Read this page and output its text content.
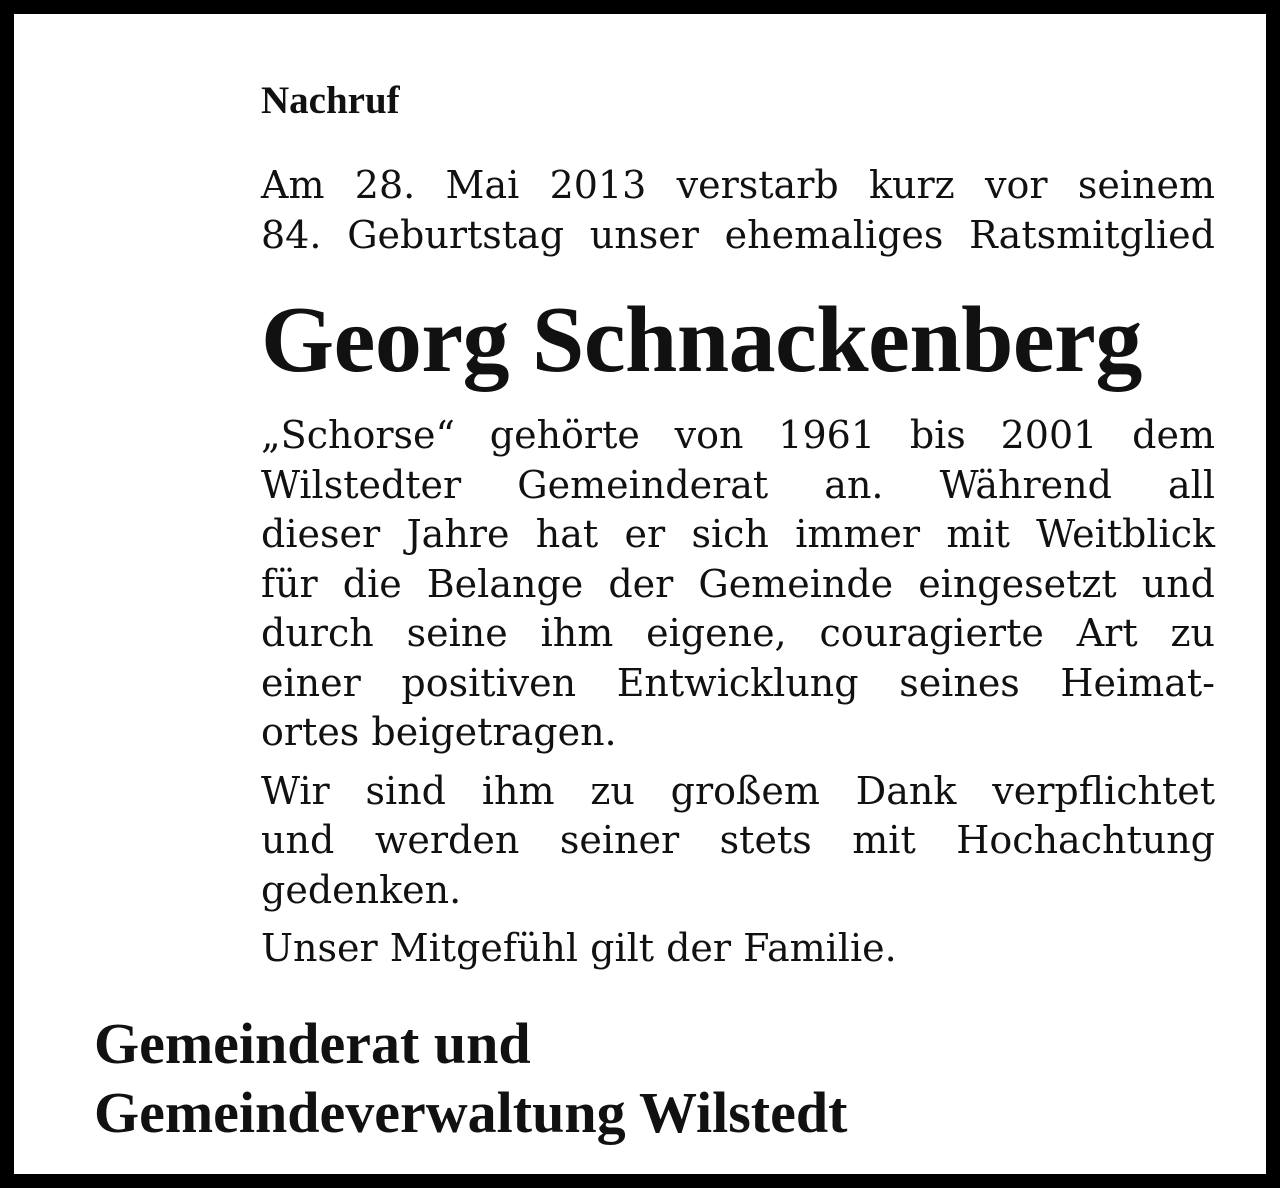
Nachruf
Am 28. Mai 2013 verstarb kurz vor seinem
84. Geburtstag unser ehemaliges Ratsmitglied
Georg Schnackenberg
„Schorse“ gehörte von 1961 bis 2001 dem
Wilstedter Gemeinderat an. Während all
dieser Jahre hat er sich immer mit Weitblick
für die Belange der Gemeinde eingesetzt und
durch seine ihm eigene, couragierte Art zu
einer positiven Entwicklung seines Heimat-
ortes beigetragen.
Wir sind ihm zu großem Dank verpflichtet
und werden seiner stets mit Hochachtung
gedenken.
Unser Mitgefühl gilt der Familie.
Gemeinderat und
Gemeindeverwaltung Wilstedt
